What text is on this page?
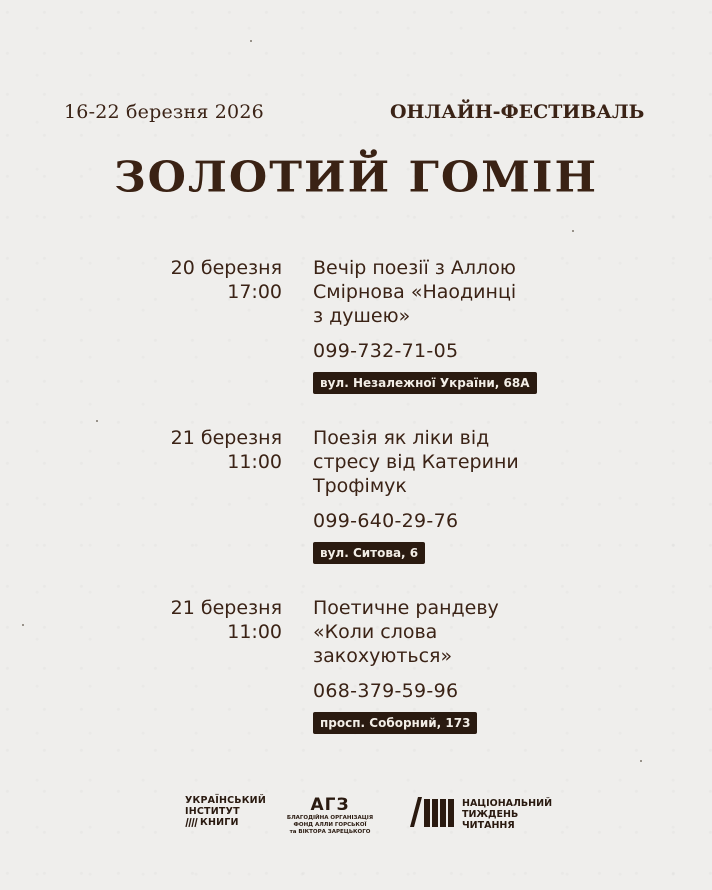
16-22 березня 2026	ОНЛАЙН-ФЕСТИВАЛЬ
ЗОЛОТИЙ ГОМІН
20 березня
17:00
Вечір поезії з Аллою
Смірнова «Наодинці
з душею»
099-732-71-05
вул. Незалежної України, 68А
21 березня
11:00
Поезія як ліки від
стресу від Катерини
Трофімук
099-640-29-76
вул. Ситова, 6
21 березня
11:00
Поетичне рандеву
«Коли слова
закохуються»
068-379-59-96
просп. Соборний, 173
УКРАЇНСЬКИЙ
ІНСТИТУТ
КНИГИ
АГЗ
БЛАГОДІЙНА ОРГАНІЗАЦІЯ
ФОНД АЛЛИ ГОРСЬКОЇ
та ВІКТОРА ЗАРЕЦЬКОГО
НАЦІОНАЛЬНИЙ
ТИЖДЕНЬ
ЧИТАННЯ
